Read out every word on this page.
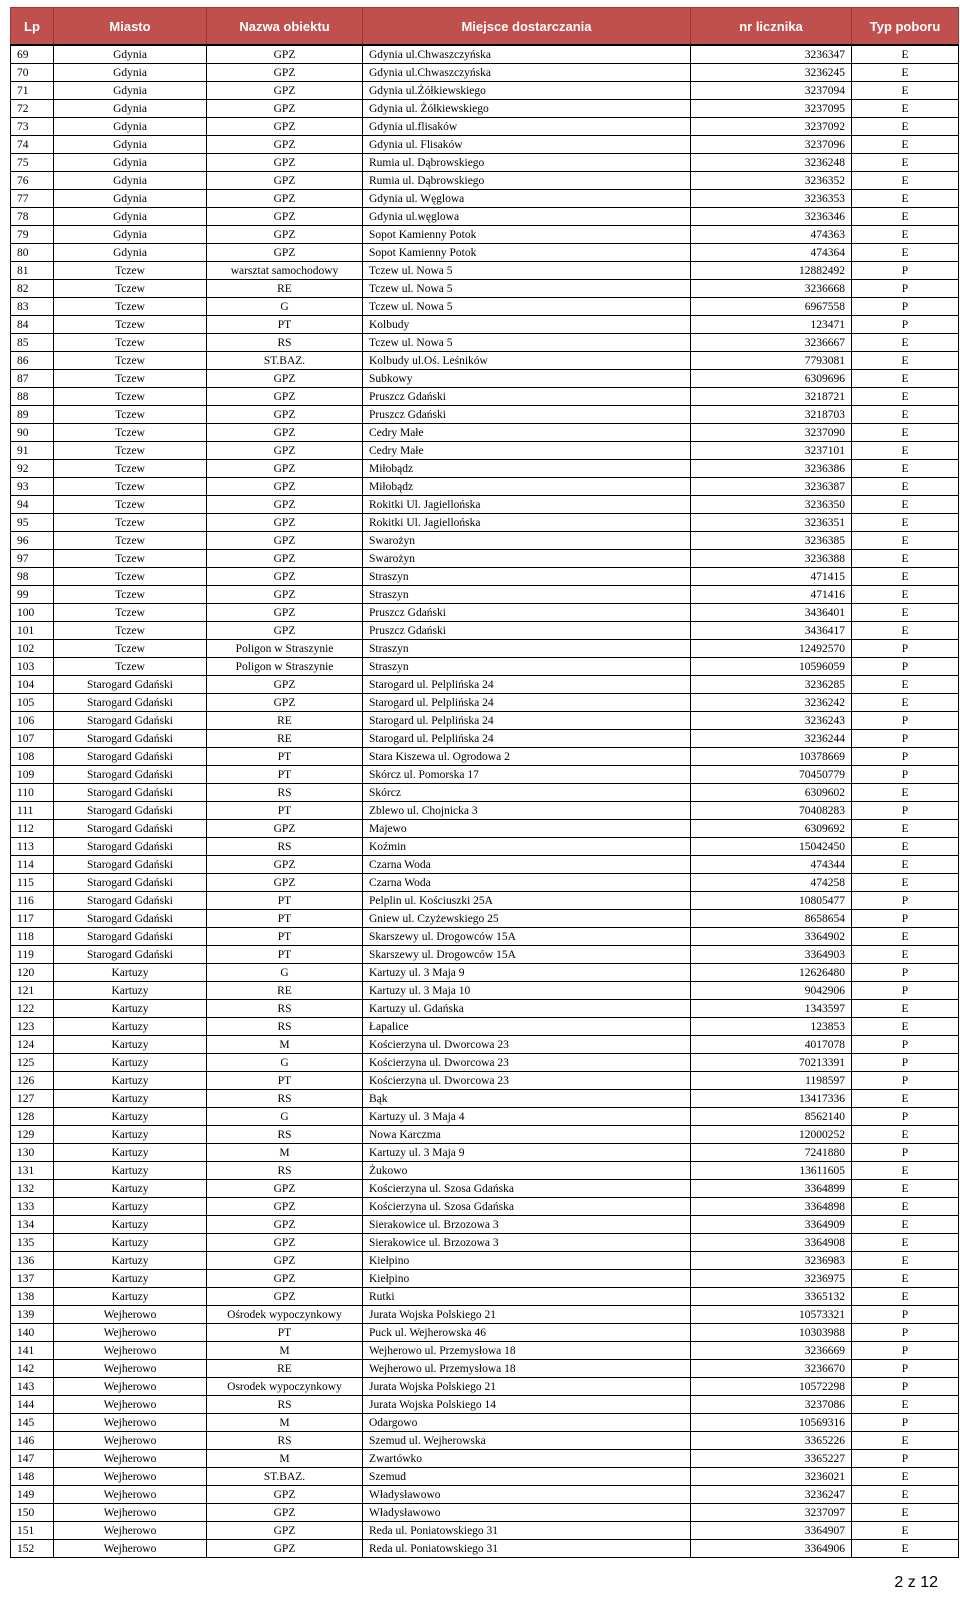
Lp	Miasto	Nazwa obiektu	Miejsce dostarczania	nr licznika	Typ poboru
69	Gdynia	GPZ	Gdynia ul.Chwaszczyńska	3236347	E
70	Gdynia	GPZ	Gdynia ul.Chwaszczyńska	3236245	E
71	Gdynia	GPZ	Gdynia ul.Żółkiewskiego	3237094	E
72	Gdynia	GPZ	Gdynia ul. Żółkiewskiego	3237095	E
73	Gdynia	GPZ	Gdynia ul.flisaków	3237092	E
74	Gdynia	GPZ	Gdynia ul. Flisaków	3237096	E
75	Gdynia	GPZ	Rumia ul. Dąbrowskiego	3236248	E
76	Gdynia	GPZ	Rumia ul. Dąbrowskiego	3236352	E
77	Gdynia	GPZ	Gdynia ul. Węglowa	3236353	E
78	Gdynia	GPZ	Gdynia ul.węglowa	3236346	E
79	Gdynia	GPZ	Sopot Kamienny Potok	474363	E
80	Gdynia	GPZ	Sopot Kamienny Potok	474364	E
81	Tczew	warsztat samochodowy	Tczew ul. Nowa 5	12882492	P
82	Tczew	RE	Tczew ul. Nowa 5	3236668	P
83	Tczew	G	Tczew ul. Nowa 5	6967558	P
84	Tczew	PT	Kolbudy	123471	P
85	Tczew	RS	Tczew ul. Nowa 5	3236667	E
86	Tczew	ST.BAZ.	Kolbudy ul.Oś. Leśników	7793081	E
87	Tczew	GPZ	Subkowy	6309696	E
88	Tczew	GPZ	Pruszcz Gdański	3218721	E
89	Tczew	GPZ	Pruszcz Gdański	3218703	E
90	Tczew	GPZ	Cedry Małe	3237090	E
91	Tczew	GPZ	Cedry Małe	3237101	E
92	Tczew	GPZ	Miłobądz	3236386	E
93	Tczew	GPZ	Miłobądz	3236387	E
94	Tczew	GPZ	Rokitki Ul. Jagiellońska	3236350	E
95	Tczew	GPZ	Rokitki Ul. Jagiellońska	3236351	E
96	Tczew	GPZ	Swarożyn	3236385	E
97	Tczew	GPZ	Swarożyn	3236388	E
98	Tczew	GPZ	Straszyn	471415	E
99	Tczew	GPZ	Straszyn	471416	E
100	Tczew	GPZ	Pruszcz Gdański	3436401	E
101	Tczew	GPZ	Pruszcz Gdański	3436417	E
102	Tczew	Poligon w Straszynie	Straszyn	12492570	P
103	Tczew	Poligon w Straszynie	Straszyn	10596059	P
104	Starogard Gdański	GPZ	Starogard ul. Pelplińska 24	3236285	E
105	Starogard Gdański	GPZ	Starogard ul. Pelplińska 24	3236242	E
106	Starogard Gdański	RE	Starogard ul. Pelplińska 24	3236243	P
107	Starogard Gdański	RE	Starogard ul. Pelplińska 24	3236244	P
108	Starogard Gdański	PT	Stara Kiszewa ul. Ogrodowa 2	10378669	P
109	Starogard Gdański	PT	Skórcz ul. Pomorska 17	70450779	P
110	Starogard Gdański	RS	Skórcz	6309602	E
111	Starogard Gdański	PT	Zblewo ul. Chojnicka 3	70408283	P
112	Starogard Gdański	GPZ	Majewo	6309692	E
113	Starogard Gdański	RS	Koźmin	15042450	E
114	Starogard Gdański	GPZ	Czarna Woda	474344	E
115	Starogard Gdański	GPZ	Czarna Woda	474258	E
116	Starogard Gdański	PT	Pelplin ul. Kościuszki 25A	10805477	P
117	Starogard Gdański	PT	Gniew ul. Czyżewskiego 25	8658654	P
118	Starogard Gdański	PT	Skarszewy ul. Drogowców 15A	3364902	E
119	Starogard Gdański	PT	Skarszewy ul. Drogowców 15A	3364903	E
120	Kartuzy	G	Kartuzy ul. 3 Maja 9	12626480	P
121	Kartuzy	RE	Kartuzy ul. 3 Maja 10	9042906	P
122	Kartuzy	RS	Kartuzy ul. Gdańska	1343597	E
123	Kartuzy	RS	Łapalice	123853	E
124	Kartuzy	M	Kościerzyna ul. Dworcowa 23	4017078	P
125	Kartuzy	G	Kościerzyna ul. Dworcowa 23	70213391	P
126	Kartuzy	PT	Kościerzyna ul. Dworcowa 23	1198597	P
127	Kartuzy	RS	Bąk	13417336	E
128	Kartuzy	G	Kartuzy ul. 3 Maja 4	8562140	P
129	Kartuzy	RS	Nowa Karczma	12000252	E
130	Kartuzy	M	Kartuzy ul. 3 Maja 9	7241880	P
131	Kartuzy	RS	Żukowo	13611605	E
132	Kartuzy	GPZ	Kościerzyna ul. Szosa Gdańska	3364899	E
133	Kartuzy	GPZ	Kościerzyna ul. Szosa Gdańska	3364898	E
134	Kartuzy	GPZ	Sierakowice ul. Brzozowa 3	3364909	E
135	Kartuzy	GPZ	Sierakowice ul. Brzozowa 3	3364908	E
136	Kartuzy	GPZ	Kiełpino	3236983	E
137	Kartuzy	GPZ	Kiełpino	3236975	E
138	Kartuzy	GPZ	Rutki	3365132	E
139	Wejherowo	Ośrodek wypoczynkowy	Jurata Wojska Polskiego 21	10573321	P
140	Wejherowo	PT	Puck ul. Wejherowska 46	10303988	P
141	Wejherowo	M	Wejherowo ul. Przemysłowa 18	3236669	P
142	Wejherowo	RE	Wejherowo ul. Przemysłowa 18	3236670	P
143	Wejherowo	Osrodek wypoczynkowy	Jurata Wojska Polskiego 21	10572298	P
144	Wejherowo	RS	Jurata Wojska Polskiego 14	3237086	E
145	Wejherowo	M	Odargowo	10569316	P
146	Wejherowo	RS	Szemud ul. Wejherowska	3365226	E
147	Wejherowo	M	Zwartówko	3365227	P
148	Wejherowo	ST.BAZ.	Szemud	3236021	E
149	Wejherowo	GPZ	Władysławowo	3236247	E
150	Wejherowo	GPZ	Władysławowo	3237097	E
151	Wejherowo	GPZ	Reda ul. Poniatowskiego 31	3364907	E
152	Wejherowo	GPZ	Reda ul. Poniatowskiego 31	3364906	E
2 z 12
